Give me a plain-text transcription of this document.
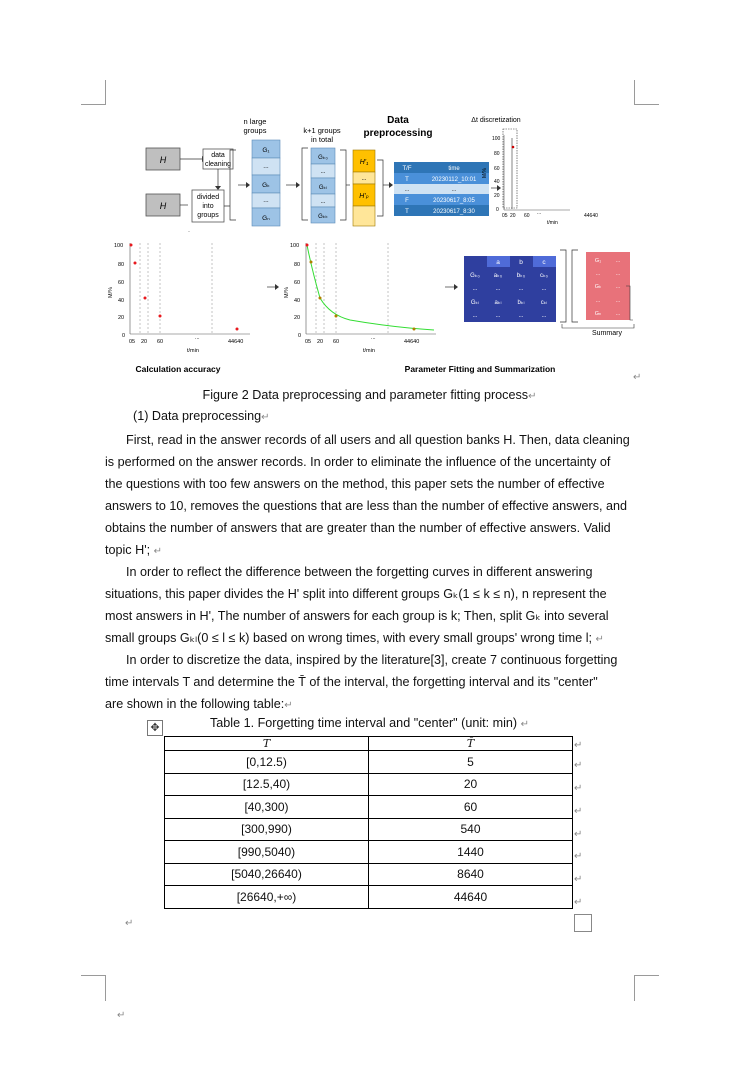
n large
groups	k+1 groups
in total
Data
preprocessing
Δt discretization
H
H
data
cleaning
divided
into
groups
G₁
...
Gₖ
...
Gₙ
Gₖ₀
...
Gₖₗ
...
Gₖₖ
H'₁
...
H'ₚ
T/F	time
T	20230112_10:01
...	...
F	20230617_8:05
T	20230617_8:30
100
80
60
40
20
0
M/%
05 20 60 ...	44640
t/min
·
100
80
60
40
20
0
M/%
05 20 60
...
44640
t/min
100
80
60
40
20
0
M/%
05 20 60
...
44640
t/min
a	b	c
Gₖ₀ aₖ₀ bₖ₀ cₖ₀
...	...	...	...
Gₖₗ	aₖₗ	bₖₗ	cₖₗ
...	...	...	...
G₁	...
...	...
Gₖ	...
...	...
Gₙ	...
Summary
Calculation accuracy	Parameter Fitting and Summarization
Figure 2 Data preprocessing and parameter fitting process↵
↵
(1) Data preprocessing↵
First, read in the answer records of all users and all question banks H. Then, data cleaning
is performed on the answer records. In order to eliminate the influence of the uncertainty of
the questions with too few answers on the method, this paper sets the number of effective
answers to 10, removes the questions that are less than the number of effective answers, and
obtains the number of answers that are greater than the number of effective answers. Valid
topic H'; ↵
In order to reflect the difference between the forgetting curves in different answering
situations, this paper divides the H' split into different groups Gₖ(1 ≤ k ≤ n), n represent the
most answers in H', The number of answers for each group is k; Then, split Gₖ into several
small groups Gₖₗ(0 ≤ l ≤ k) based on wrong times, with every small groups' wrong time l; ↵
In order to discretize the data, inspired by the literature[3], create 7 continuous forgetting
time intervals T and determine the T̄ of the interval, the forgetting interval and its "center"
are shown in the following table:↵
✥	Table 1. Forgetting time interval and "center" (unit: min) ↵
T	T̄
[0,12.5)	5
[12.5,40)	20
[40,300)	60
[300,990)	540
[990,5040)	1440
[5040,26640)	8640
[26640,+∞)	44640
↵
↵
↵
↵
↵
↵
↵
↵
↵
↵
